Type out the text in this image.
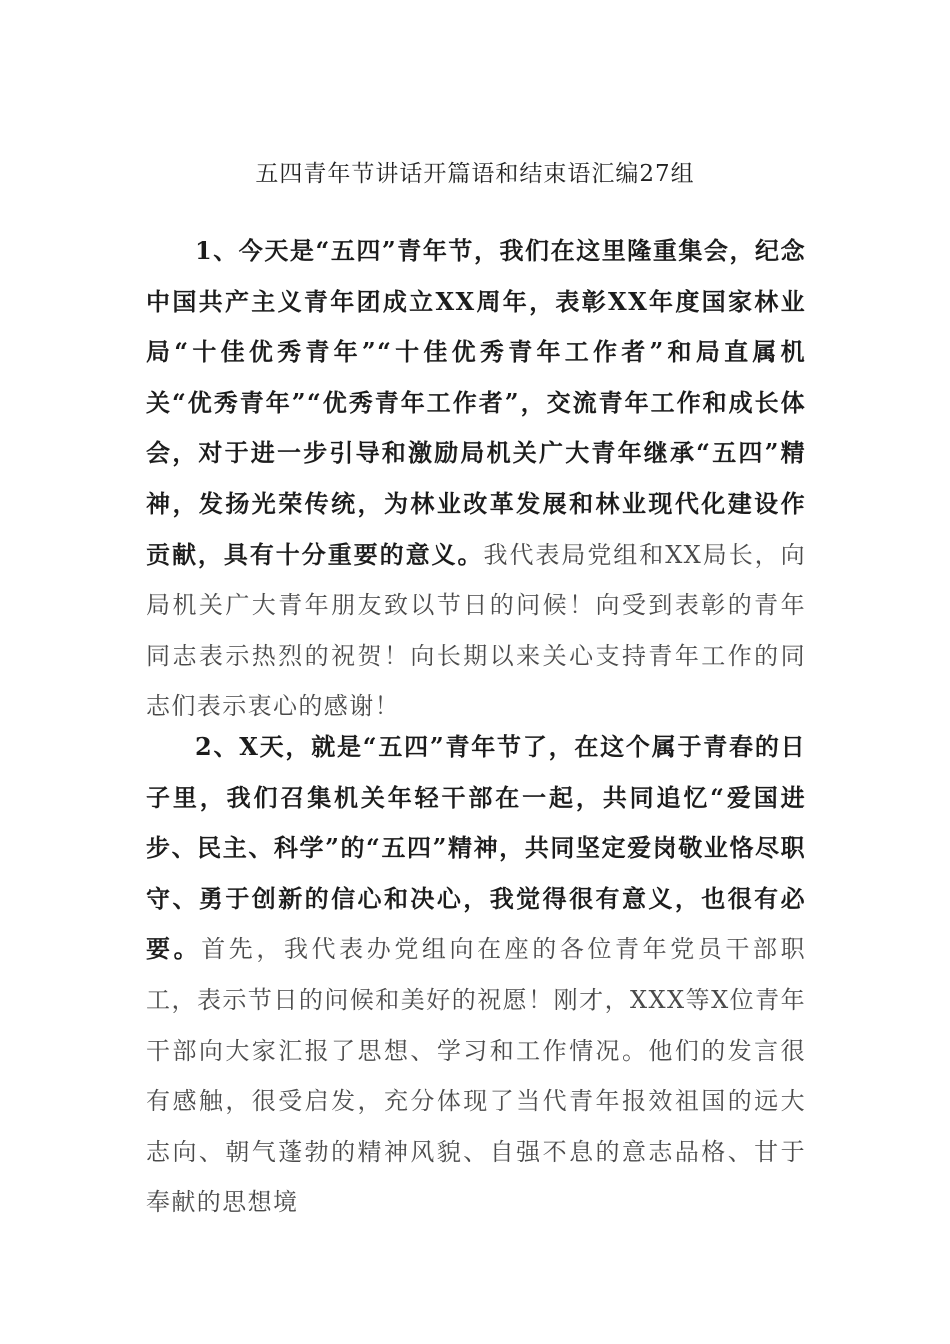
五四青年节讲话开篇语和结束语汇编27组

1、今天是“五四”青年节，我们在这里隆重集会，纪念中国共产主义青年团成立XX周年，表彰XX年度国家林业局“十佳优秀青年”“十佳优秀青年工作者”和局直属机关“优秀青年”“优秀青年工作者”，交流青年工作和成长体会，对于进一步引导和激励局机关广大青年继承“五四”精神，发扬光荣传统，为林业改革发展和林业现代化建设作贡献，具有十分重要的意义。我代表局党组和XX局长，向局机关广大青年朋友致以节日的问候！向受到表彰的青年同志表示热烈的祝贺！向长期以来关心支持青年工作的同志们表示衷心的感谢！

2、X天，就是“五四”青年节了，在这个属于青春的日子里，我们召集机关年轻干部在一起，共同追忆“爱国进步、民主、科学”的“五四”精神，共同坚定爱岗敬业恪尽职守、勇于创新的信心和决心，我觉得很有意义，也很有必要。首先，我代表办党组向在座的各位青年党员干部职工，表示节日的问候和美好的祝愿！刚才，XXX等X位青年干部向大家汇报了思想、学习和工作情况。他们的发言很有感触，很受启发，充分体现了当代青年报效祖国的远大志向、朝气蓬勃的精神风貌、自强不息的意志品格、甘于奉献的思想境
